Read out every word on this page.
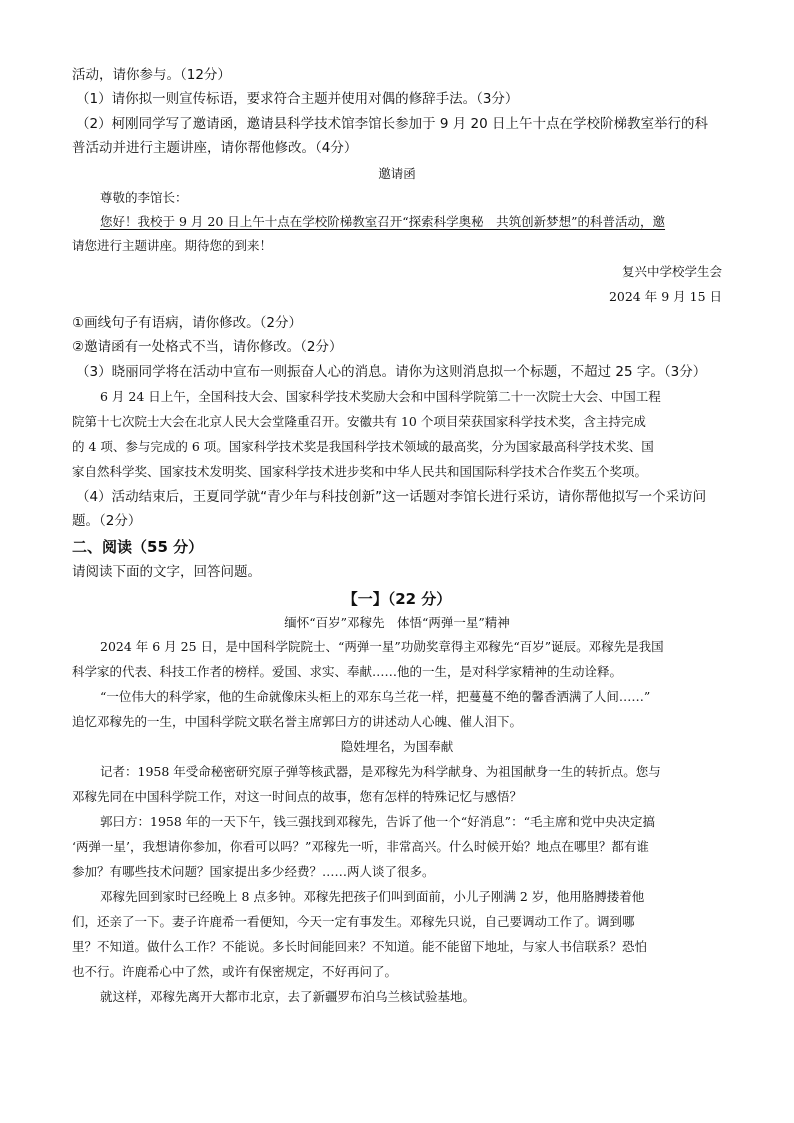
活动，请你参与。（12分）
（1）请你拟一则宣传标语，要求符合主题并使用对偶的修辞手法。（3分）
（2）柯刚同学写了邀请函，邀请县科学技术馆李馆长参加于 9 月 20 日上午十点在学校阶梯教室举行的科
普活动并进行主题讲座，请你帮他修改。（4分）
邀请函
尊敬的李馆长：
您好！我校于 9 月 20 日上午十点在学校阶梯教室召开“探索科学奥秘　共筑创新梦想”的科普活动，邀
请您进行主题讲座。期待您的到来！
复兴中学校学生会
2024 年 9 月 15 日
①画线句子有语病，请你修改。（2分）
②邀请函有一处格式不当，请你修改。（2分）
（3）晓丽同学将在活动中宣布一则振奋人心的消息。请你为这则消息拟一个标题，不超过 25 字。（3分）
6 月 24 日上午，全国科技大会、国家科学技术奖励大会和中国科学院第二十一次院士大会、中国工程
院第十七次院士大会在北京人民大会堂隆重召开。安徽共有 10 个项目荣获国家科学技术奖，含主持完成
的 4 项、参与完成的 6 项。国家科学技术奖是我国科学技术领域的最高奖，分为国家最高科学技术奖、国
家自然科学奖、国家技术发明奖、国家科学技术进步奖和中华人民共和国国际科学技术合作奖五个奖项。
（4）活动结束后，王夏同学就“青少年与科技创新”这一话题对李馆长进行采访，请你帮他拟写一个采访问
题。（2分）
二、阅读（55 分）
请阅读下面的文字，回答问题。
【一】（22 分）
缅怀“百岁”邓稼先　体悟“两弹一星”精神
2024 年 6 月 25 日，是中国科学院院士、“两弹一星”功勋奖章得主邓稼先“百岁”诞辰。邓稼先是我国
科学家的代表、科技工作者的榜样。爱国、求实、奉献……他的一生，是对科学家精神的生动诠释。
“一位伟大的科学家，他的生命就像床头柜上的邓东乌兰花一样，把蔓蔓不绝的馨香洒满了人间……”
追忆邓稼先的一生，中国科学院文联名誉主席郭曰方的讲述动人心魄、催人泪下。
隐姓埋名，为国奉献
记者：1958 年受命秘密研究原子弹等核武器，是邓稼先为科学献身、为祖国献身一生的转折点。您与
邓稼先同在中国科学院工作，对这一时间点的故事，您有怎样的特殊记忆与感悟？
郭曰方：1958 年的一天下午，钱三强找到邓稼先，告诉了他一个“好消息”：“毛主席和党中央决定搞
‘两弹一星’，我想请你参加，你看可以吗？”邓稼先一听，非常高兴。什么时候开始？地点在哪里？都有谁
参加？有哪些技术问题？国家提出多少经费？……两人谈了很多。
邓稼先回到家时已经晚上 8 点多钟。邓稼先把孩子们叫到面前，小儿子刚满 2 岁，他用胳膊搂着他
们，还亲了一下。妻子许鹿希一看便知，今天一定有事发生。邓稼先只说，自己要调动工作了。调到哪
里？不知道。做什么工作？不能说。多长时间能回来？不知道。能不能留下地址，与家人书信联系？恐怕
也不行。许鹿希心中了然，或许有保密规定，不好再问了。
就这样，邓稼先离开大都市北京，去了新疆罗布泊乌兰核试验基地。
